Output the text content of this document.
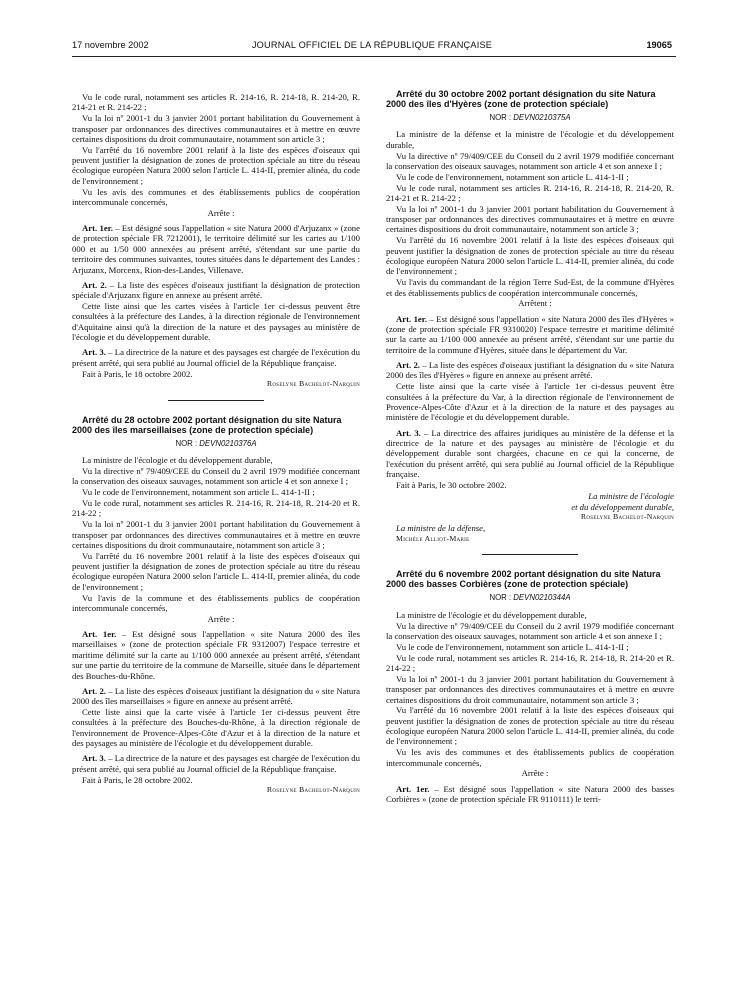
17 novembre 2002	JOURNAL OFFICIEL DE LA RÉPUBLIQUE FRANÇAISE	19065

Vu le code rural, notamment ses articles R. 214-16, R. 214-18, R. 214-20, R. 214-21 et R. 214-22 ;

Vu la loi nº 2001-1 du 3 janvier 2001 portant habilitation du Gouvernement à transposer par ordonnances des directives communautaires et à mettre en œuvre certaines dispositions du droit communautaire, notamment son article 3 ;

Vu l'arrêté du 16 novembre 2001 relatif à la liste des espèces d'oiseaux qui peuvent justifier la désignation de zones de protection spéciale au titre du réseau écologique européen Natura 2000 selon l'article L. 414-II, premier alinéa, du code de l'environnement ;

Vu les avis des communes et des établissements publics de coopération intercommunale concernés,

Arrête :

Art. 1er. – Est désigné sous l'appellation « site Natura 2000 d'Arjuzanx » (zone de protection spéciale FR 7212001), le territoire délimité sur les cartes au 1/100 000 et au 1/50 000 annexées au présent arrêté, s'étendant sur une partie du territoire des communes suivantes, toutes situées dans le département des Landes : Arjuzanx, Morcenx, Rion-des-Landes, Villenave.

Art. 2. – La liste des espèces d'oiseaux justifiant la désignation de protection spéciale d'Arjuzanx figure en annexe au présent arrêté.

Cette liste ainsi que les cartes visées à l'article 1er ci-dessus peuvent être consultées à la préfecture des Landes, à la direction régionale de l'environnement d'Aquitaine ainsi qu'à la direction de la nature et des paysages au ministère de l'écologie et du développement durable.

Art. 3. – La directrice de la nature et des paysages est chargée de l'exécution du présent arrêté, qui sera publié au Journal officiel de la République française.

Fait à Paris, le 18 octobre 2002.

Roselyne Bachelot-Narquin

Arrêté du 28 octobre 2002 portant désignation du site Natura 2000 des îles marseillaises (zone de protection spéciale)

NOR : DEVN0210376A

La ministre de l'écologie et du développement durable,

Vu la directive nº 79/409/CEE du Conseil du 2 avril 1979 modifiée concernant la conservation des oiseaux sauvages, notamment son article 4 et son annexe I ;

Vu le code de l'environnement, notamment son article L. 414-1-II ;

Vu le code rural, notamment ses articles R. 214-16, R. 214-18, R. 214-20 et R. 214-22 ;

Vu la loi nº 2001-1 du 3 janvier 2001 portant habilitation du Gouvernement à transposer par ordonnances des directives communautaires et à mettre en œuvre certaines dispositions du droit communautaire, notamment son article 3 ;

Vu l'arrêté du 16 novembre 2001 relatif à la liste des espèces d'oiseaux qui peuvent justifier la désignation de zones de protection spéciale au titre du réseau écologique européen Natura 2000 selon l'article L. 414-II, premier alinéa, du code de l'environnement ;

Vu l'avis de la commune et des établissements publics de coopération intercommunale concernés,

Arrête :

Art. 1er. – Est désigné sous l'appellation « site Natura 2000 des îles marseillaises » (zone de protection spéciale FR 9312007) l'espace terrestre et maritime délimité sur la carte au 1/100 000 annexée au présent arrêté, s'étendant sur une partie du territoire de la commune de Marseille, située dans le département des Bouches-du-Rhône.

Art. 2. – La liste des espèces d'oiseaux justifiant la désignation du « site Natura 2000 des îles marseillaises » figure en annexe au présent arrêté.

Cette liste ainsi que la carte visée à l'article 1er ci-dessus peuvent être consultées à la préfecture des Bouches-du-Rhône, à la direction régionale de l'environnement de Provence-Alpes-Côte d'Azur et à la direction de la nature et des paysages au ministère de l'écologie et du développement durable.

Art. 3. – La directrice de la nature et des paysages est chargée de l'exécution du présent arrêté, qui sera publié au Journal officiel de la République française.

Fait à Paris, le 28 octobre 2002.

Roselyne Bachelot-Narquin

Arrêté du 30 octobre 2002 portant désignation du site Natura 2000 des îles d'Hyères (zone de protection spéciale)

NOR : DEVN0210375A

La ministre de la défense et la ministre de l'écologie et du développement durable,

Vu la directive nº 79/409/CEE du Conseil du 2 avril 1979 modifiée concernant la conservation des oiseaux sauvages, notamment son article 4 et son annexe I ;

Vu le code de l'environnement, notamment son article L. 414-1-II ;

Vu le code rural, notamment ses articles R. 214-16, R. 214-18, R. 214-20, R. 214-21 et R. 214-22 ;

Vu la loi nº 2001-1 du 3 janvier 2001 portant habilitation du Gouvernement à transposer par ordonnances des directives communautaires et à mettre en œuvre certaines dispositions du droit communautaire, notamment son article 3 ;

Vu l'arrêté du 16 novembre 2001 relatif à la liste des espèces d'oiseaux qui peuvent justifier la désignation de zones de protection spéciale au titre du réseau écologique européen Natura 2000 selon l'article L. 414-II, premier alinéa, du code de l'environnement ;

Vu l'avis du commandant de la région Terre Sud-Est, de la commune d'Hyères et des établissements publics de coopération intercommunale concernés,

Arrêtent :

Art. 1er. – Est désigné sous l'appellation « site Natura 2000 des îles d'Hyères » (zone de protection spéciale FR 9310020) l'espace terrestre et maritime délimité sur la carte au 1/100 000 annexée au présent arrêté, s'étendant sur une partie du territoire de la commune d'Hyères, située dans le département du Var.

Art. 2. – La liste des espèces d'oiseaux justifiant la désignation du « site Natura 2000 des îles d'Hyères » figure en annexe au présent arrêté.

Cette liste ainsi que la carte visée à l'article 1er ci-dessus peuvent être consultées à la préfecture du Var, à la direction régionale de l'environnement de Provence-Alpes-Côte d'Azur et à la direction de la nature et des paysages au ministère de l'écologie et du développement durable.

Art. 3. – La directrice des affaires juridiques au ministère de la défense et la directrice de la nature et des paysages au ministère de l'écologie et du développement durable sont chargées, chacune en ce qui la concerne, de l'exécution du présent arrêté, qui sera publié au Journal officiel de la République française.

Fait à Paris, le 30 octobre 2002.

La ministre de l'écologie

et du développement durable,

Roselyne Bachelot-Narquin

La ministre de la défense,

Michèle Alliot-Marie

Arrêté du 6 novembre 2002 portant désignation du site Natura 2000 des basses Corbières (zone de protection spéciale)

NOR : DEVN0210344A

La ministre de l'écologie et du développement durable,

Vu la directive nº 79/409/CEE du Conseil du 2 avril 1979 modifiée concernant la conservation des oiseaux sauvages, notamment son article 4 et son annexe I ;

Vu le code de l'environnement, notamment son article L. 414-1-II ;

Vu le code rural, notamment ses articles R. 214-16, R. 214-18, R. 214-20 et R. 214-22 ;

Vu la loi nº 2001-1 du 3 janvier 2001 portant habilitation du Gouvernement à transposer par ordonnances des directives communautaires et à mettre en œuvre certaines dispositions du droit communautaire, notamment son article 3 ;

Vu l'arrêté du 16 novembre 2001 relatif à la liste des espèces d'oiseaux qui peuvent justifier la désignation de zones de protection spéciale au titre du réseau écologique européen Natura 2000 selon l'article L. 414-II, premier alinéa, du code de l'environnement ;

Vu les avis des communes et des établissements publics de coopération intercommunale concernés,

Arrête :

Art. 1er. – Est désigné sous l'appellation « site Natura 2000 des basses Corbières » (zone de protection spéciale FR 9110111) le terri-
